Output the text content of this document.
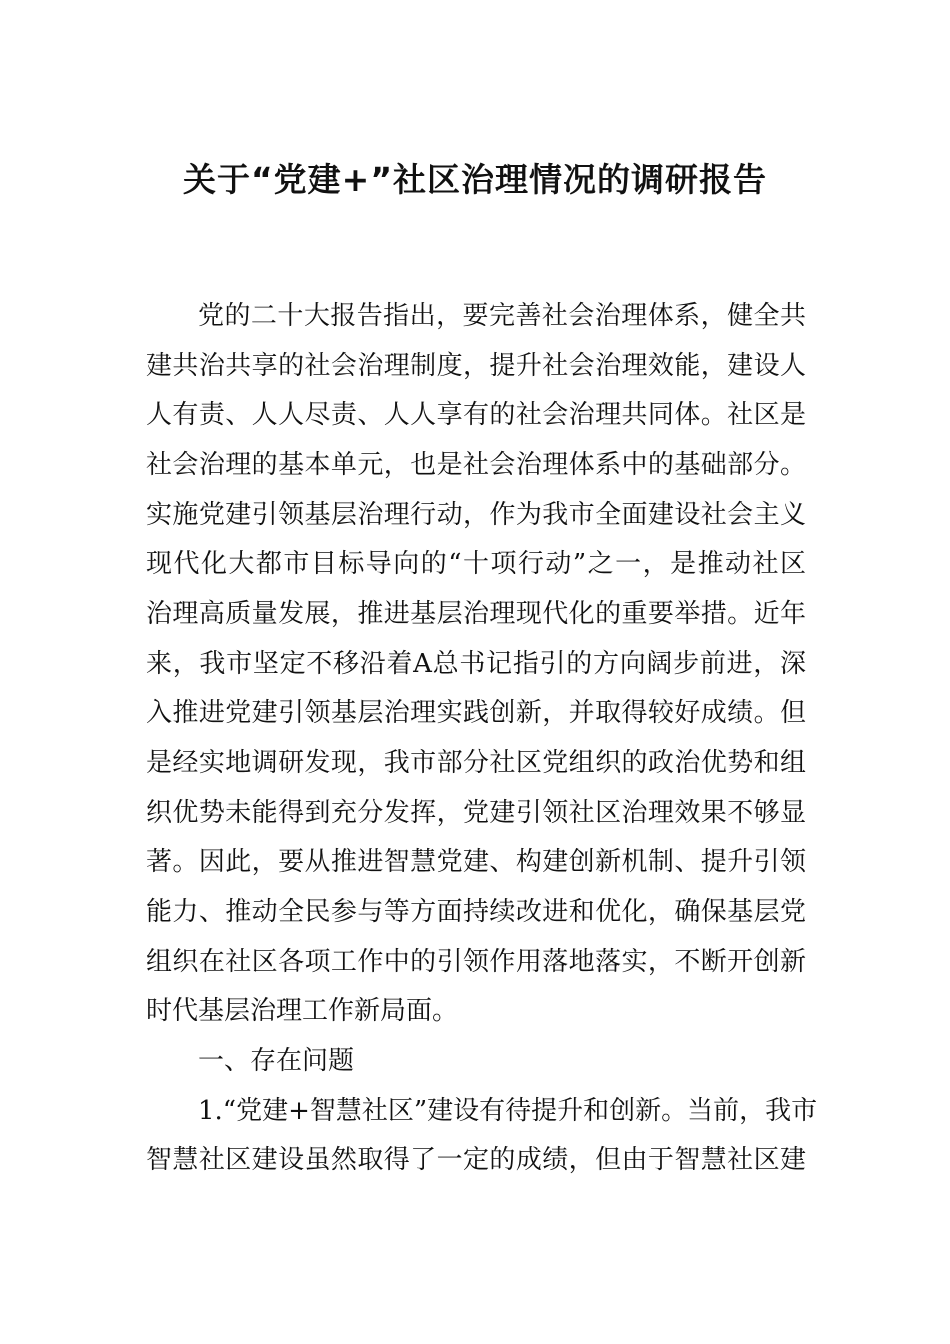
关于“党建+”社区治理情况的调研报告
党的二十大报告指出，要完善社会治理体系，健全共
建共治共享的社会治理制度，提升社会治理效能，建设人
人有责、人人尽责、人人享有的社会治理共同体。社区是
社会治理的基本单元，也是社会治理体系中的基础部分。
实施党建引领基层治理行动，作为我市全面建设社会主义
现代化大都市目标导向的“十项行动”之一，是推动社区
治理高质量发展，推进基层治理现代化的重要举措。近年
来，我市坚定不移沿着A总书记指引的方向阔步前进，深
入推进党建引领基层治理实践创新，并取得较好成绩。但
是经实地调研发现，我市部分社区党组织的政治优势和组
织优势未能得到充分发挥，党建引领社区治理效果不够显
著。因此，要从推进智慧党建、构建创新机制、提升引领
能力、推动全民参与等方面持续改进和优化，确保基层党
组织在社区各项工作中的引领作用落地落实，不断开创新
时代基层治理工作新局面。
一、存在问题
1.“党建+智慧社区”建设有待提升和创新。当前，我市
智慧社区建设虽然取得了一定的成绩，但由于智慧社区建
